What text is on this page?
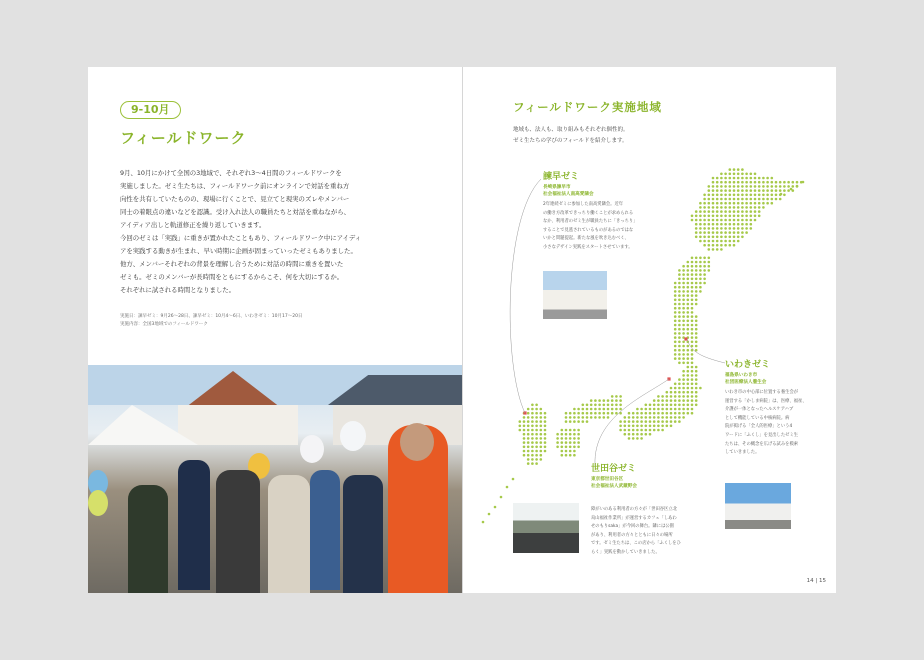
9-10月
フィールドワーク

9月、10月にかけて全国の3地域で、それぞれ3～4日間のフィールドワークを

実施しました。ゼミ生たちは、フィールドワーク前にオンラインで対話を重ね方

向性を共有していたものの、現場に行くことで、見立てと現実のズレやメンバー

同士の着眼点の違いなどを認識。受け入れ法人の職員たちと対話を重ねながら、

アイディア出しと軌道修正を繰り返していきます。

今回のゼミは「実践」に重きが置かれたこともあり、フィールドワーク中にアイディ

アを実践する動きが生まれ、早い時期に企画が固まっていったゼミもありました。

他方、メンバーそれぞれの背景を理解し合うために対話の時間に重きを置いた

ゼミも。ゼミのメンバーが長時間をともにするからこそ、何を大切にするか。

それぞれに試される時間となりました。

実施日：諫早ゼミ：9月26～28日、諫早ゼミ：10月4～6日、いわきゼミ：10月17～20日
実施内容：全国3地域でのフィールドワーク
フィールドワーク実施地域
地域も、法人も、取り組みもそれぞれ個性的。
ゼミ生たちの学びのフィールドを紹介します。
諫早ゼミ
長崎県諫早市
社会福祉法人南高愛隣会
2年連続ゼミに参加した南高愛隣会。近年
の働き方改革できっちり働くことが求められる
なか、利用者のゼミ生が職員たちに「きっちり」
することで見逃されているものがあるのではな
いかと問題提起。新たな風を吹き込むべく、
小さなデザイン実践をスタートさせています。
いわきゼミ
福島県いわき市
社団医療法人養生会
いわき市の中心部に位置する養生会が
運営する「かしま病院」は、医療、福祉、
介護が一体となったヘルスケアハブ
として機能している中核病院。病
院が掲げる「全人的医療」という4
ワードに「ふくし」を見出したゼミ生
たちは、その概念を広げる試みを模索
していきました。
世田谷ゼミ
東京都世田谷区
社会福祉法人武蔵野会
障がいのある利用者の方々が「世田谷区立北
烏山福祉作業所」が運営するカフェ「しあわ
せのもりsaka」が今回の舞台。隣には公園
があり、利用者の方々とともに日々の場所
です。ゼミ生たちは、この店から「ふくしをひ
らく」実践を動かしていきました。
14 | 15
